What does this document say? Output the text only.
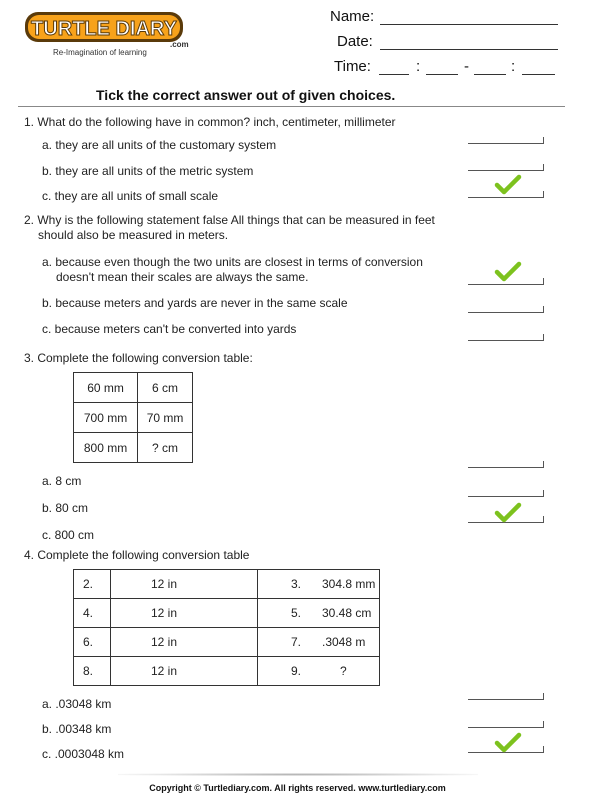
TURTLE DIARY
.com
Re-Imagination of learning
Name:
Date:
Time:	:	-	:
Tick the correct answer out of given choices.
1. What do the following have in common? inch, centimeter, millimeter
a. they are all units of the customary system
b. they are all units of the metric system
c. they are all units of small scale
2. Why is the following statement false All things that can be measured in feet
should also be measured in meters.
a. because even though the two units are closest in terms of conversion
doesn't mean their scales are always the same.
b. because meters and yards are never in the same scale
c. because meters can't be converted into yards
3. Complete the following conversion table:
60 mm	6 cm
700 mm	70 mm
800 mm	? cm
a. 8 cm
b. 80 cm
c. 800 cm
4. Complete the following conversion table
2.	12 in	3.	304.8 mm
4.	12 in	5.	30.48 cm
6.	12 in	7.	.3048 m
8.	12 in	9.	?
a. .03048 km
b. .00348 km
c. .0003048 km
Copyright © Turtlediary.com. All rights reserved. www.turtlediary.com
